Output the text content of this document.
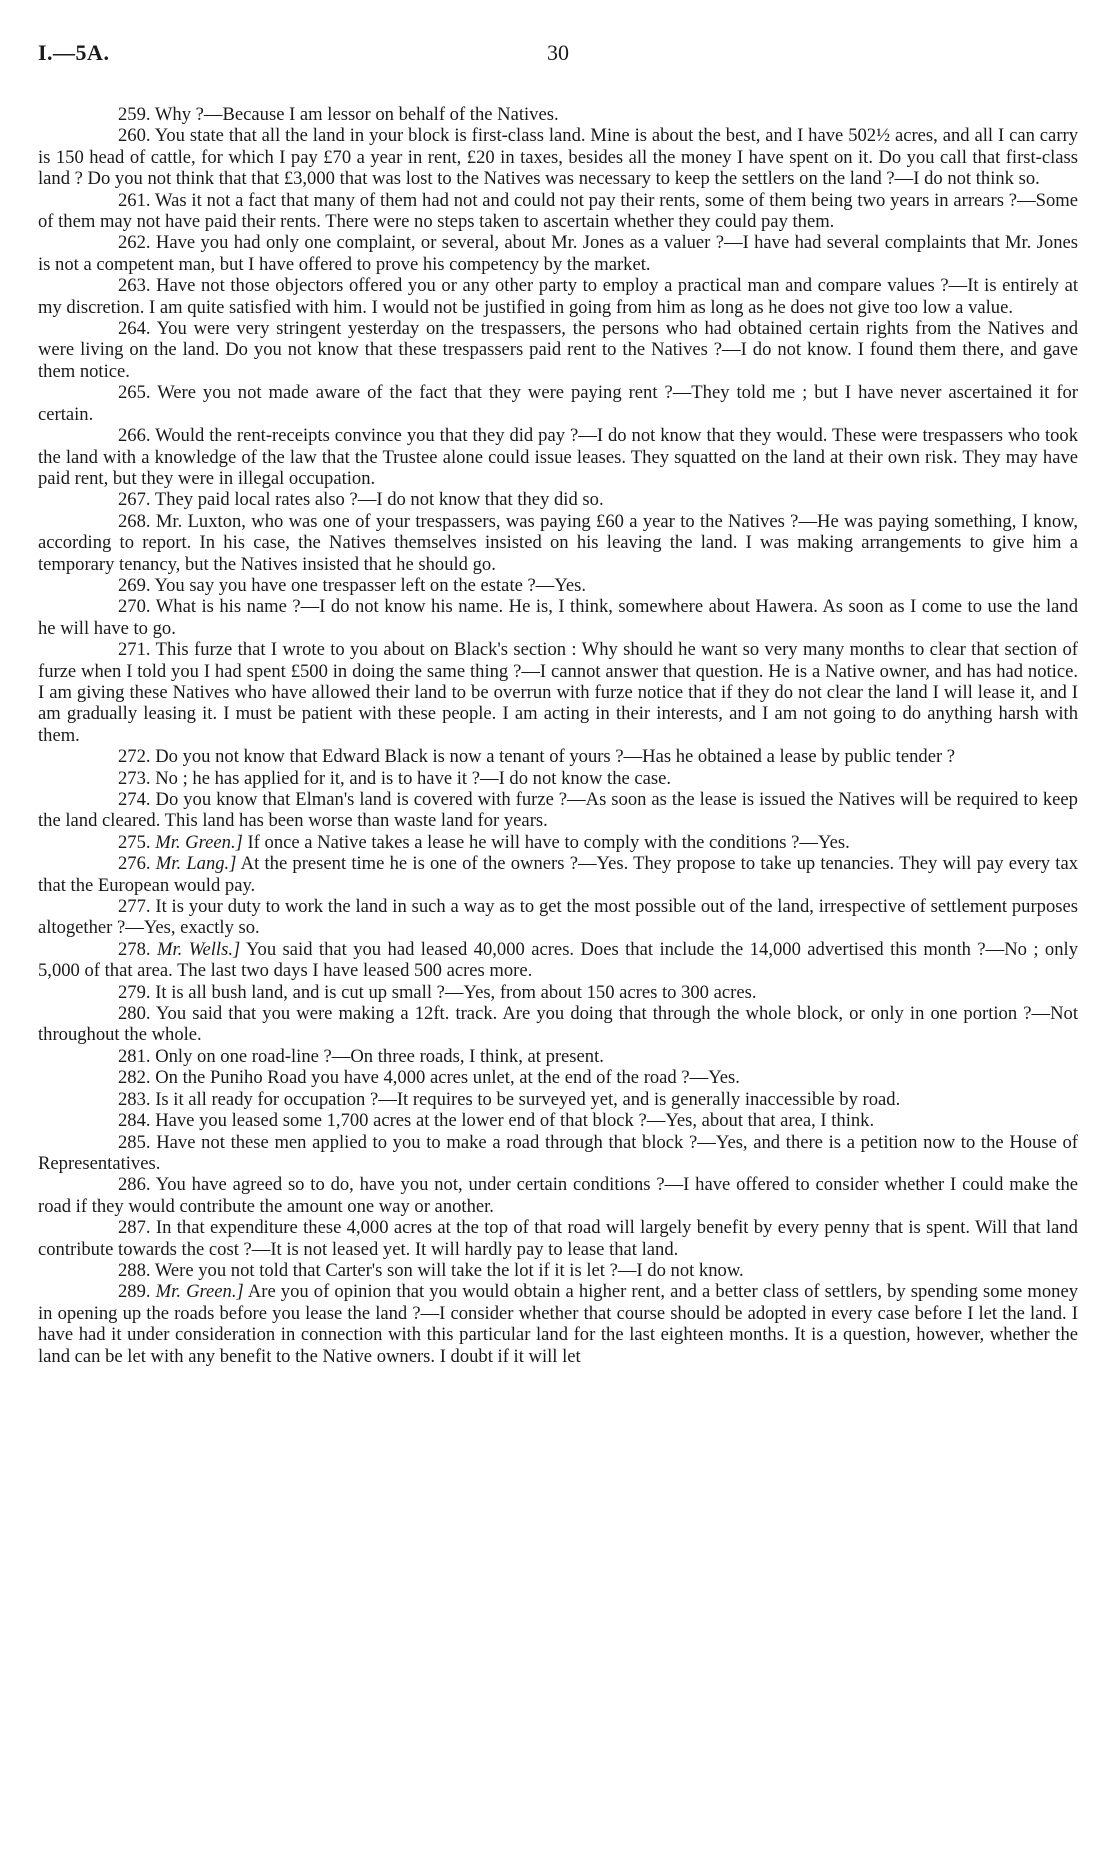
I.—5A.	30

259. Why ?—Because I am lessor on behalf of the Natives.

260. You state that all the land in your block is first-class land. Mine is about the best, and I have 502½ acres, and all I can carry is 150 head of cattle, for which I pay £70 a year in rent, £20 in taxes, besides all the money I have spent on it. Do you call that first-class land ? Do you not think that that £3,000 that was lost to the Natives was necessary to keep the settlers on the land ?—I do not think so.

261. Was it not a fact that many of them had not and could not pay their rents, some of them being two years in arrears ?—Some of them may not have paid their rents. There were no steps taken to ascertain whether they could pay them.

262. Have you had only one complaint, or several, about Mr. Jones as a valuer ?—I have had several complaints that Mr. Jones is not a competent man, but I have offered to prove his competency by the market.

263. Have not those objectors offered you or any other party to employ a practical man and compare values ?—It is entirely at my discretion. I am quite satisfied with him. I would not be justified in going from him as long as he does not give too low a value.

264. You were very stringent yesterday on the trespassers, the persons who had obtained certain rights from the Natives and were living on the land. Do you not know that these trespassers paid rent to the Natives ?—I do not know. I found them there, and gave them notice.

265. Were you not made aware of the fact that they were paying rent ?—They told me ; but I have never ascertained it for certain.

266. Would the rent-receipts convince you that they did pay ?—I do not know that they would. These were trespassers who took the land with a knowledge of the law that the Trustee alone could issue leases. They squatted on the land at their own risk. They may have paid rent, but they were in illegal occupation.

267. They paid local rates also ?—I do not know that they did so.

268. Mr. Luxton, who was one of your trespassers, was paying £60 a year to the Natives ?—He was paying something, I know, according to report. In his case, the Natives themselves insisted on his leaving the land. I was making arrangements to give him a temporary tenancy, but the Natives insisted that he should go.

269. You say you have one trespasser left on the estate ?—Yes.

270. What is his name ?—I do not know his name. He is, I think, somewhere about Hawera. As soon as I come to use the land he will have to go.

271. This furze that I wrote to you about on Black's section : Why should he want so very many months to clear that section of furze when I told you I had spent £500 in doing the same thing ?—I cannot answer that question. He is a Native owner, and has had notice. I am giving these Natives who have allowed their land to be overrun with furze notice that if they do not clear the land I will lease it, and I am gradually leasing it. I must be patient with these people. I am acting in their interests, and I am not going to do anything harsh with them.

272. Do you not know that Edward Black is now a tenant of yours ?—Has he obtained a lease by public tender ?

273. No ; he has applied for it, and is to have it ?—I do not know the case.

274. Do you know that Elman's land is covered with furze ?—As soon as the lease is issued the Natives will be required to keep the land cleared. This land has been worse than waste land for years.

275. Mr. Green.] If once a Native takes a lease he will have to comply with the conditions ?—Yes.

276. Mr. Lang.] At the present time he is one of the owners ?—Yes. They propose to take up tenancies. They will pay every tax that the European would pay.

277. It is your duty to work the land in such a way as to get the most possible out of the land, irrespective of settlement purposes altogether ?—Yes, exactly so.

278. Mr. Wells.] You said that you had leased 40,000 acres. Does that include the 14,000 advertised this month ?—No ; only 5,000 of that area. The last two days I have leased 500 acres more.

279. It is all bush land, and is cut up small ?—Yes, from about 150 acres to 300 acres.

280. You said that you were making a 12ft. track. Are you doing that through the whole block, or only in one portion ?—Not throughout the whole.

281. Only on one road-line ?—On three roads, I think, at present.

282. On the Puniho Road you have 4,000 acres unlet, at the end of the road ?—Yes.

283. Is it all ready for occupation ?—It requires to be surveyed yet, and is generally inaccessible by road.

284. Have you leased some 1,700 acres at the lower end of that block ?—Yes, about that area, I think.

285. Have not these men applied to you to make a road through that block ?—Yes, and there is a petition now to the House of Representatives.

286. You have agreed so to do, have you not, under certain conditions ?—I have offered to consider whether I could make the road if they would contribute the amount one way or another.

287. In that expenditure these 4,000 acres at the top of that road will largely benefit by every penny that is spent. Will that land contribute towards the cost ?—It is not leased yet. It will hardly pay to lease that land.

288. Were you not told that Carter's son will take the lot if it is let ?—I do not know.

289. Mr. Green.] Are you of opinion that you would obtain a higher rent, and a better class of settlers, by spending some money in opening up the roads before you lease the land ?—I consider whether that course should be adopted in every case before I let the land. I have had it under consideration in connection with this particular land for the last eighteen months. It is a question, however, whether the land can be let with any benefit to the Native owners. I doubt if it will let
